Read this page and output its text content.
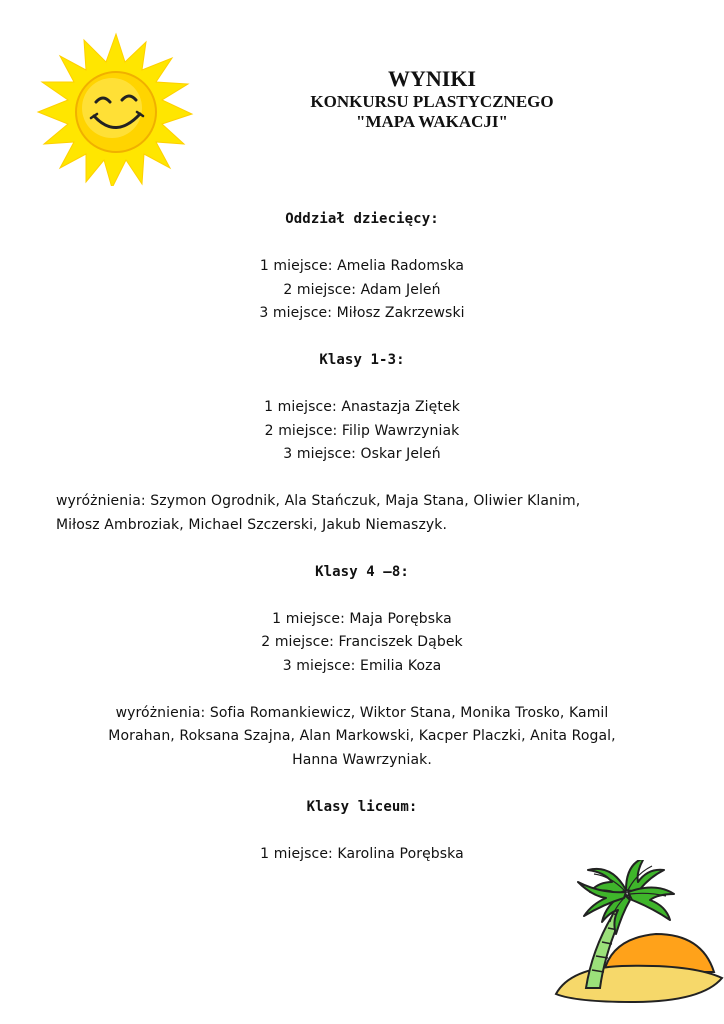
WYNIKI
KONKURSU PLASTYCZNEGO
"MAPA WAKACJI"
Oddział dziecięcy:
1 miejsce: Amelia Radomska
2 miejsce: Adam Jeleń
3 miejsce: Miłosz Zakrzewski
Klasy 1-3:
1 miejsce: Anastazja Ziętek
2 miejsce: Filip Wawrzyniak
3 miejsce: Oskar Jeleń
wyróżnienia: Szymon Ogrodnik, Ala Stańczuk, Maja Stana, Oliwier Klanim,
Miłosz Ambroziak, Michael Szczerski, Jakub Niemaszyk.
Klasy 4 –8:
1 miejsce: Maja Porębska
2 miejsce: Franciszek Dąbek
3 miejsce: Emilia Koza
wyróżnienia: Sofia Romankiewicz, Wiktor Stana, Monika Trosko, Kamil
Morahan, Roksana Szajna, Alan Markowski, Kacper Placzki, Anita Rogal,
Hanna Wawrzyniak.
Klasy liceum:
1 miejsce: Karolina Porębska
